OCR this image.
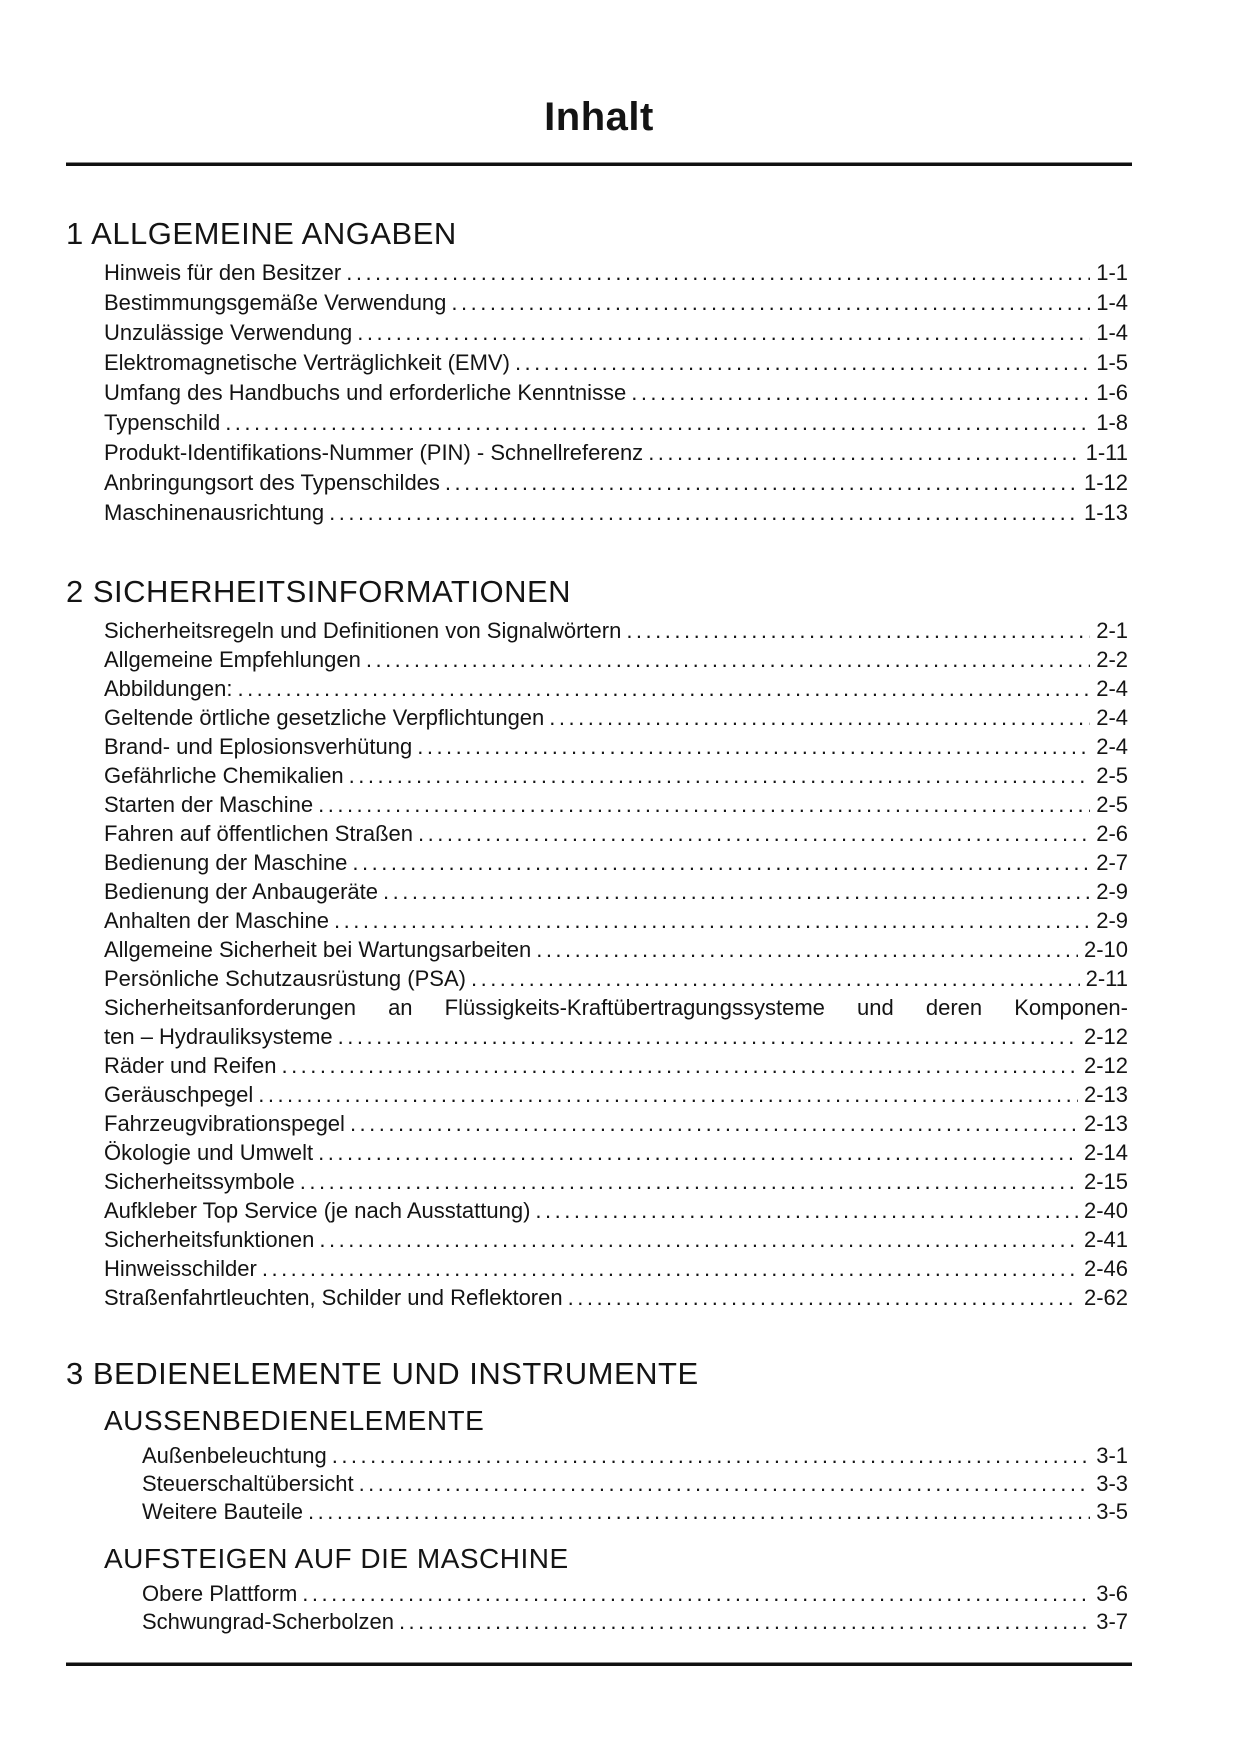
Inhalt
1 ALLGEMEINE ANGABEN
Hinweis für den Besitzer .....	1-1
Bestimmungsgemäße Verwendung .....	1-4
Unzulässige Verwendung .....	1-4
Elektromagnetische Verträglichkeit (EMV) .....	1-5
Umfang des Handbuchs und erforderliche Kenntnisse .....	1-6
Typenschild .....	1-8
Produkt-Identifikations-Nummer (PIN) - Schnellreferenz .....	1-11
Anbringungsort des Typenschildes .....	1-12
Maschinenausrichtung .....	1-13
2 SICHERHEITSINFORMATIONEN
Sicherheitsregeln und Definitionen von Signalwörtern .....	2-1
Allgemeine Empfehlungen .....	2-2
Abbildungen: .....	2-4
Geltende örtliche gesetzliche Verpflichtungen .....	2-4
Brand- und Eplosionsverhütung .....	2-4
Gefährliche Chemikalien .....	2-5
Starten der Maschine .....	2-5
Fahren auf öffentlichen Straßen .....	2-6
Bedienung der Maschine .....	2-7
Bedienung der Anbaugeräte .....	2-9
Anhalten der Maschine .....	2-9
Allgemeine Sicherheit bei Wartungsarbeiten .....	2-10
Persönliche Schutzausrüstung (PSA) .....	2-11
Sicherheitsanforderungen an Flüssigkeits-Kraftübertragungssysteme und deren Komponen-
ten – Hydrauliksysteme .....	2-12
Räder und Reifen .....	2-12
Geräuschpegel .....	2-13
Fahrzeugvibrationspegel .....	2-13
Ökologie und Umwelt .....	2-14
Sicherheitssymbole .....	2-15
Aufkleber Top Service (je nach Ausstattung) .....	2-40
Sicherheitsfunktionen .....	2-41
Hinweisschilder .....	2-46
Straßenfahrtleuchten, Schilder und Reflektoren .....	2-62
3 BEDIENELEMENTE UND INSTRUMENTE
AUSSENBEDIENELEMENTE
Außenbeleuchtung .....	3-1
Steuerschaltübersicht .....	3-3
Weitere Bauteile .....	3-5
AUFSTEIGEN AUF DIE MASCHINE
Obere Plattform .....	3-6
Schwungrad-Scherbolzen .....	3-7
